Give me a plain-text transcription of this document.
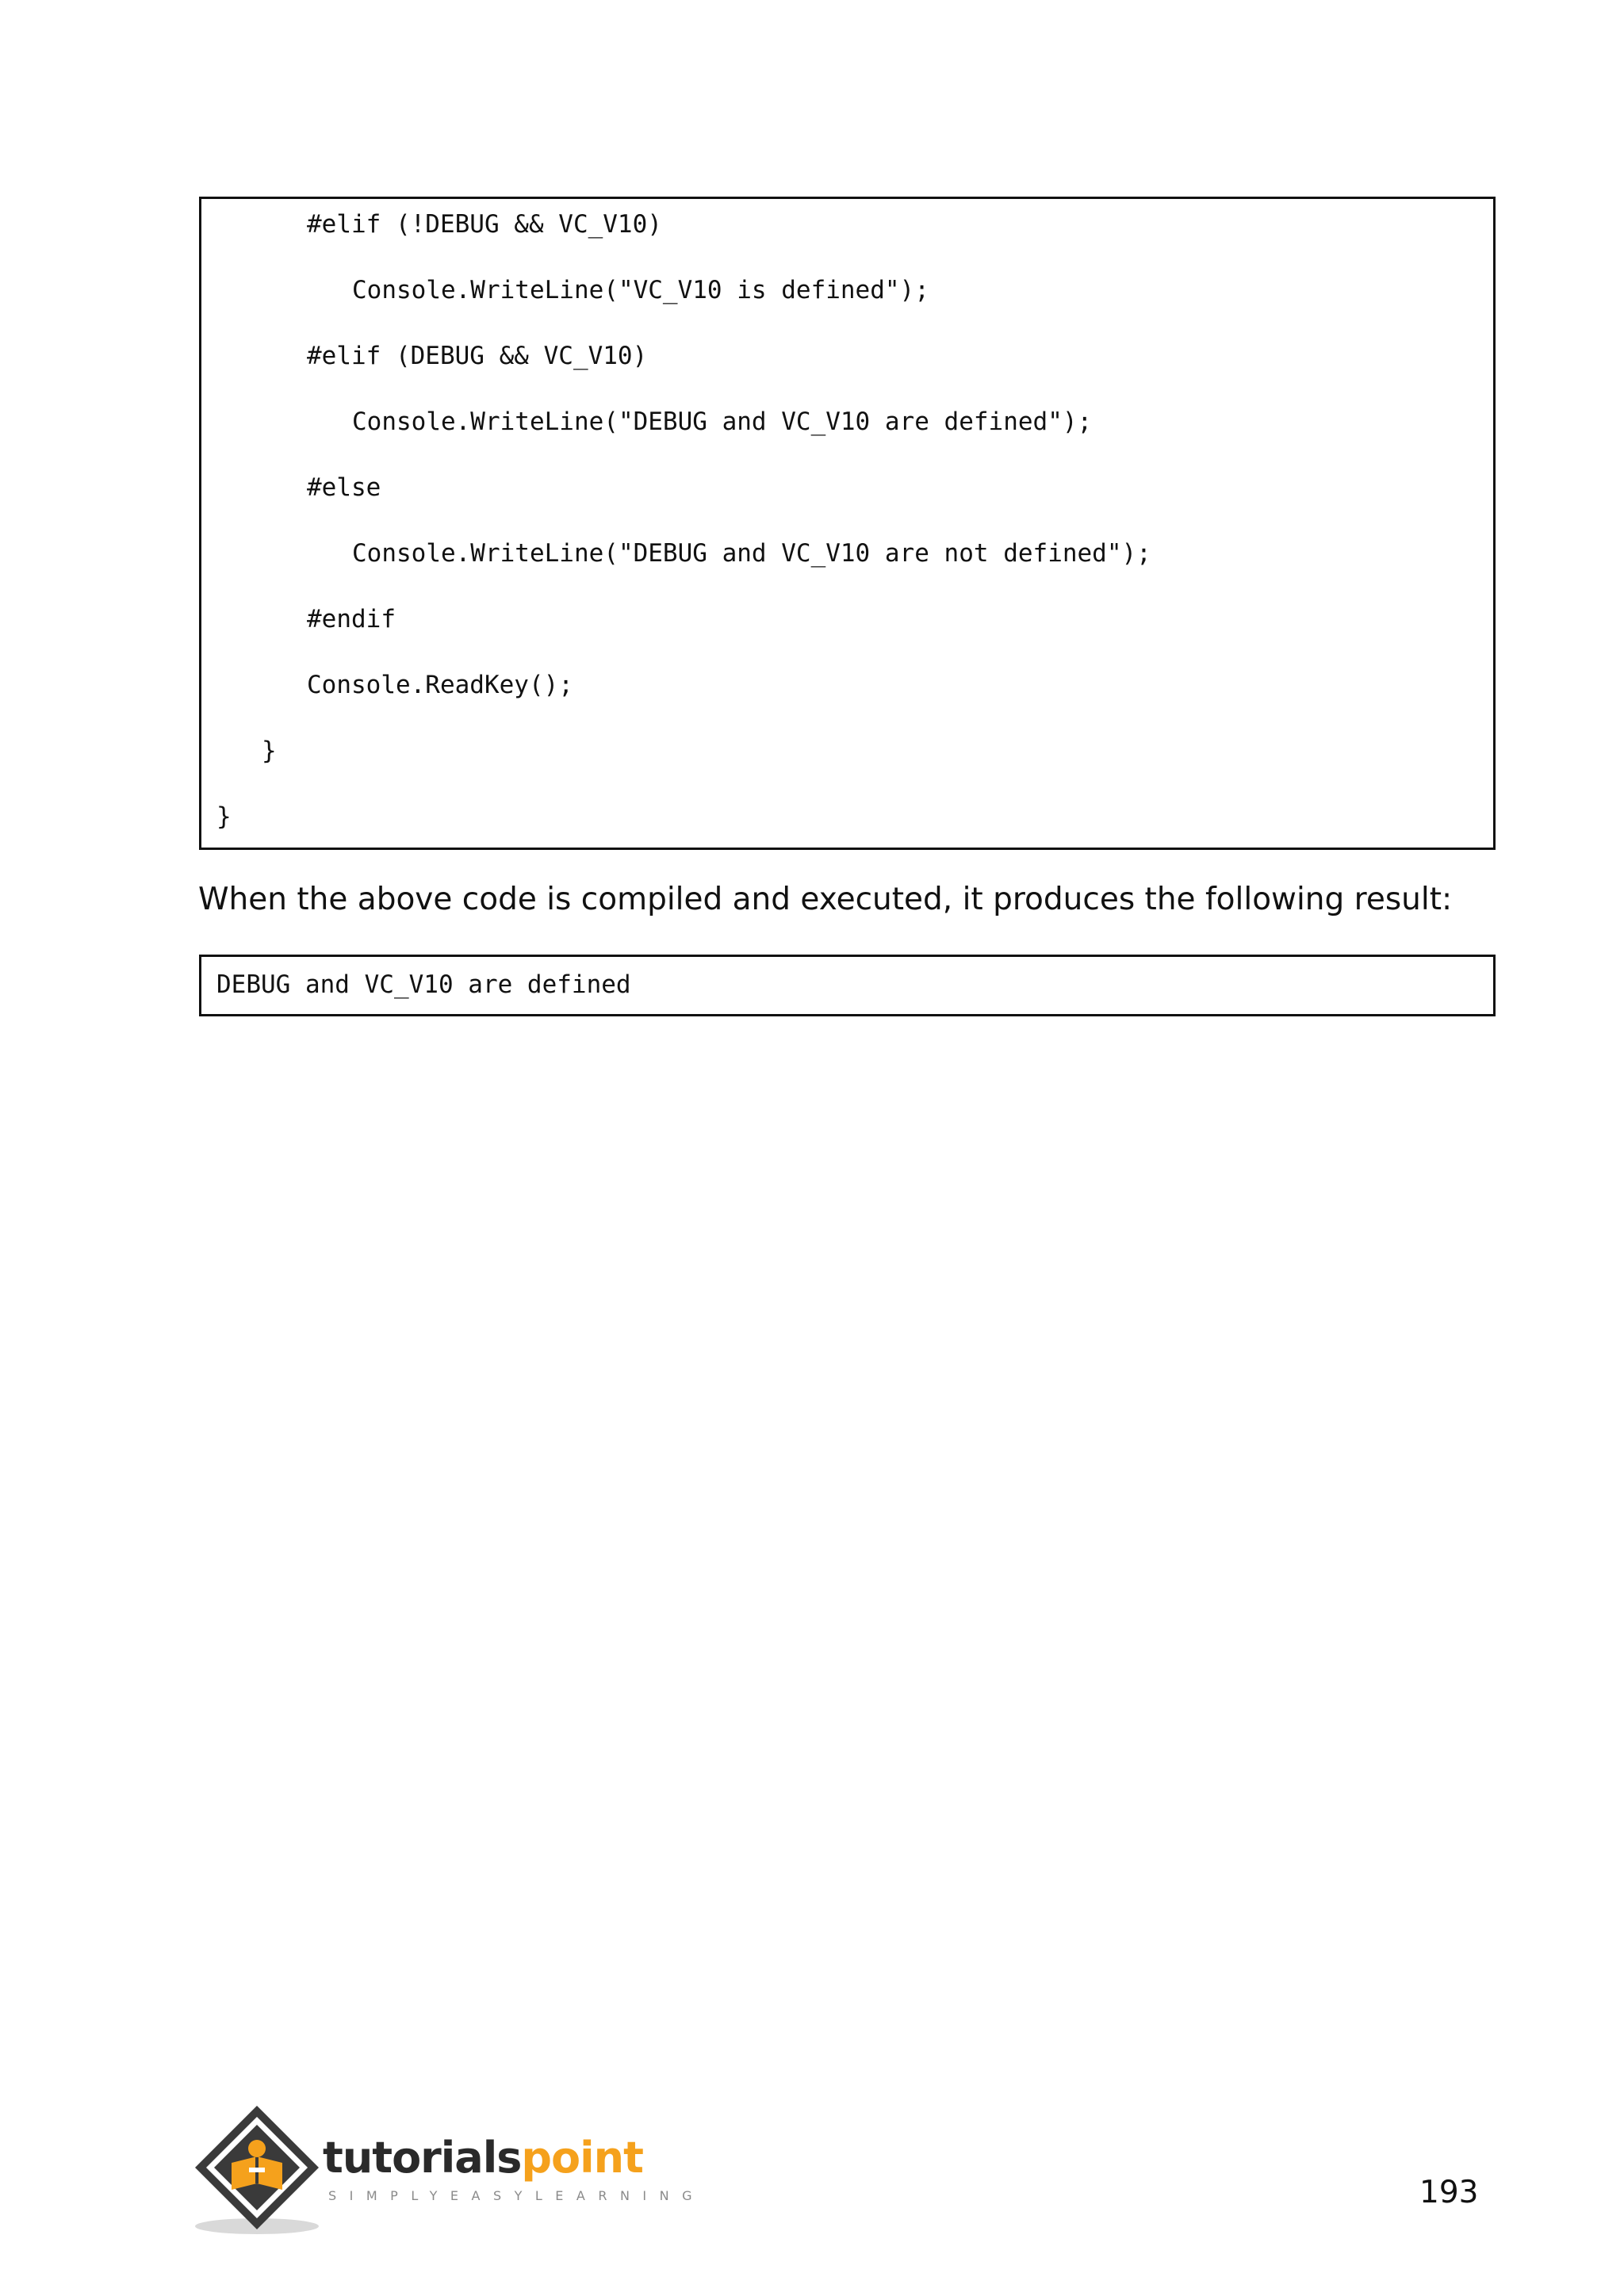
#elif (!DEBUG && VC_V10)
Console.WriteLine("VC_V10 is defined");
#elif (DEBUG && VC_V10)
Console.WriteLine("DEBUG and VC_V10 are defined");
#else
Console.WriteLine("DEBUG and VC_V10 are not defined");
#endif
Console.ReadKey();
}
}
When the above code is compiled and executed, it produces the following result:
DEBUG and VC_V10 are defined
tutorialspoint
SIMPLYEASYLEARNING	193
